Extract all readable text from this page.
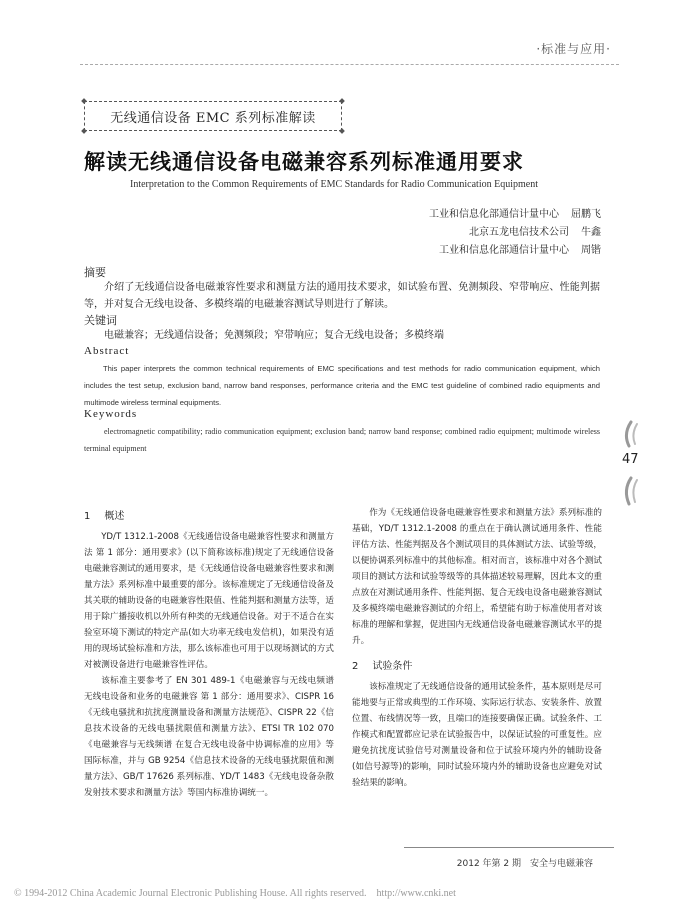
·标准与应用·
无线通信设备 EMC 系列标准解读
解读无线通信设备电磁兼容系列标准通用要求
Interpretation to the Common Requirements of EMC Standards for Radio Communication Equipment
工业和信息化部通信计量中心 屈鹏飞
北京五龙电信技术公司 牛鑫
工业和信息化部通信计量中心 周锴
摘要
介绍了无线通信设备电磁兼容性要求和测量方法的通用技术要求，如试验布置、免测频段、窄带响应、性能判据等，并对复合无线电设备、多模终端的电磁兼容测试导则进行了解读。
关键词
电磁兼容；无线通信设备；免测频段；窄带响应；复合无线电设备；多模终端
Abstract
This paper interprets the common technical requirements of EMC specifications and test methods for radio communication equipment, which includes the test setup, exclusion band, narrow band responses, performance criteria and the EMC test guideline of combined radio equipments and multimode wireless terminal equipments.
Keywords
electromagnetic compatibility; radio communication equipment; exclusion band; narrow band response; combined radio equipment; multimode wireless terminal equipment
47
1 概述

YD/T 1312.1-2008《无线通信设备电磁兼容性要求和测量方法 第 1 部分：通用要求》(以下简称该标准)规定了无线通信设备电磁兼容测试的通用要求，是《无线通信设备电磁兼容性要求和测量方法》系列标准中最重要的部分。该标准规定了无线通信设备及其关联的辅助设备的电磁兼容性限值、性能判据和测量方法等，适用于除广播接收机以外所有种类的无线通信设备。对于不适合在实验室环境下测试的特定产品(如大功率无线电发信机)，如果没有适用的现场试验标准和方法，那么该标准也可用于以现场测试的方式对被测设备进行电磁兼容性评估。

该标准主要参考了 EN 301 489-1《电磁兼容与无线电频谱 无线电设备和业务的电磁兼容 第 1 部分：通用要求》、CISPR 16《无线电骚扰和抗扰度测量设备和测量方法规范》、CISPR 22《信息技术设备的无线电骚扰限值和测量方法》、ETSI TR 102 070《电磁兼容与无线频谱 在复合无线电设备中协调标准的应用》等国际标准，并与 GB 9254《信息技术设备的无线电骚扰限值和测量方法》、GB/T 17626 系列标准、YD/T 1483《无线电设备杂散发射技术要求和测量方法》等国内标准协调统一。

作为《无线通信设备电磁兼容性要求和测量方法》系列标准的基础，YD/T 1312.1-2008 的重点在于确认测试通用条件、性能评估方法、性能判据及各个测试项目的具体测试方法、试验等级，以便协调系列标准中的其他标准。相对而言，该标准中对各个测试项目的测试方法和试验等级等的具体描述较易理解，因此本文的重点放在对测试通用条件、性能判据、复合无线电设备电磁兼容测试及多模终端电磁兼容测试的介绍上，希望能有助于标准使用者对该标准的理解和掌握，促进国内无线通信设备电磁兼容测试水平的提升。

2 试验条件

该标准规定了无线通信设备的通用试验条件，基本原则是尽可能地要与正常或典型的工作环境、实际运行状态、安装条件、放置位置、布线情况等一致，且端口的连接要确保正确。试验条件、工作模式和配置都应记录在试验报告中，以保证试验的可重复性。应避免抗扰度试验信号对测量设备和位于试验环境内外的辅助设备(如信号源等)的影响，同时试验环境内外的辅助设备也应避免对试验结果的影响。

2012 年第 2 期　安全与电磁兼容
© 1994-2012 China Academic Journal Electronic Publishing House. All rights reserved.　http://www.cnki.net
